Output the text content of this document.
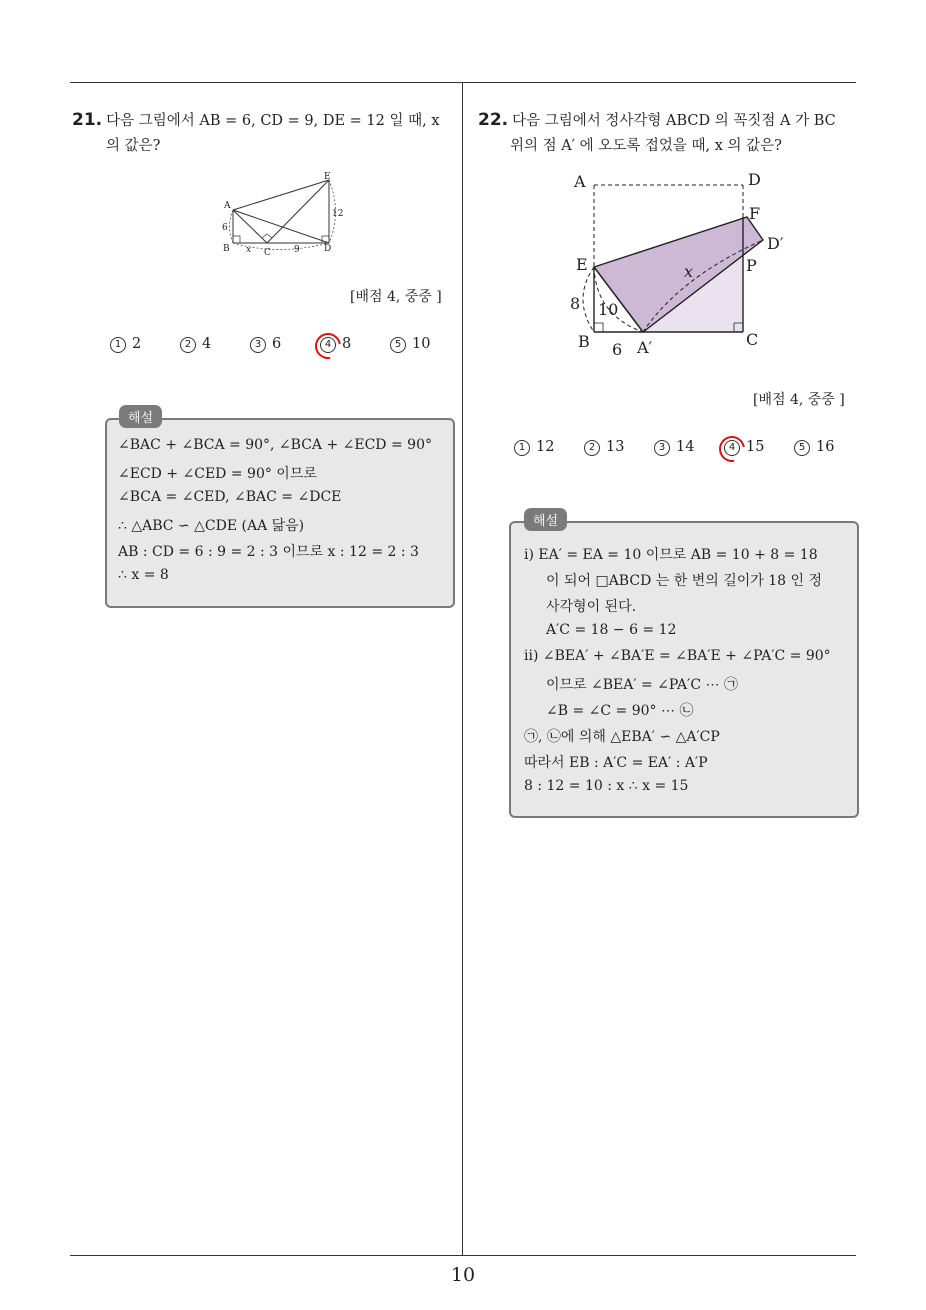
21. 다음 그림에서 AB = 6, CD = 9, DE = 12 일 때, x
의 값은?
A
B	C	D
E
6
x	9
12
[배점 4, 중중 ]
1 2	2 4	3 6	4 8	5 10
해설
∠BAC + ∠BCA = 90°, ∠BCA + ∠ECD = 90°
∠ECD + ∠CED = 90° 이므로
∠BCA = ∠CED, ∠BAC = ∠DCE
∴ △ABC ∽ △CDE (AA 닮음)
AB : CD = 6 : 9 = 2 : 3 이므로 x : 12 = 2 : 3
∴ x = 8
22. 다음 그림에서 정사각형 ABCD 의 꼭짓점 A 가 BC
위의 점 A′ 에 오도록 접었을 때, x 의 값은?
A	D
F
D′
E	P
B	C
A′
8 10
6
x
[배점 4, 중중 ]
1 12	2 13	3 14	4 15	5 16
해설
ⅰ) EA′ = EA = 10 이므로 AB = 10 + 8 = 18
이 되어 □ABCD 는 한 변의 길이가 18 인 정
사각형이 된다.
A′C = 18 − 6 = 12
ⅱ) ∠BEA′ + ∠BA′E = ∠BA′E + ∠PA′C = 90°
이므로 ∠BEA′ = ∠PA′C ⋯ ㉠
∠B = ∠C = 90° ⋯ ㉡
㉠, ㉡에 의해 △EBA′ ∽ △A′CP
따라서 EB : A′C = EA′ : A′P
8 : 12 = 10 : x ∴ x = 15
10
